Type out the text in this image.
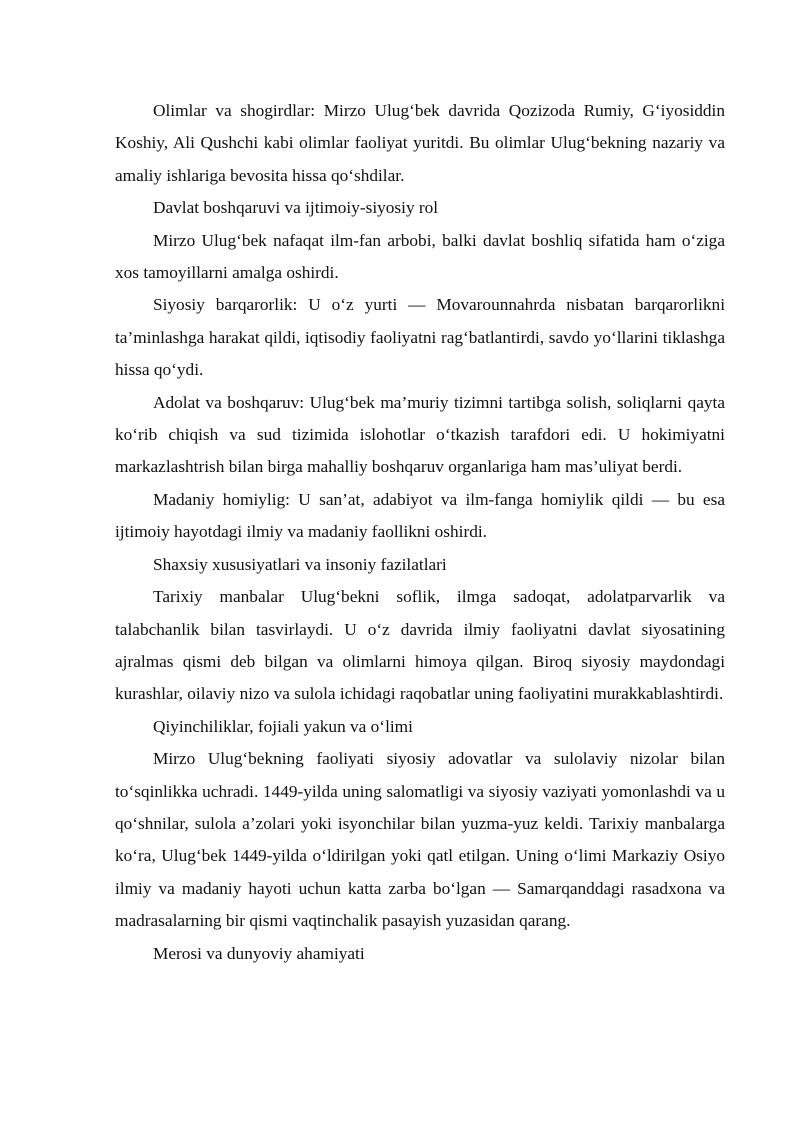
Olimlar va shogirdlar: Mirzo Ulug‘bek davrida Qozizoda Rumiy, G‘iyosiddin Koshiy, Ali Qushchi kabi olimlar faoliyat yuritdi. Bu olimlar Ulug‘bekning nazariy va amaliy ishlariga bevosita hissa qo‘shdilar.

Davlat boshqaruvi va ijtimoiy-siyosiy rol

Mirzo Ulug‘bek nafaqat ilm-fan arbobi, balki davlat boshliq sifatida ham o‘ziga xos tamoyillarni amalga oshirdi.

Siyosiy barqarorlik: U o‘z yurti — Movarounnahrda nisbatan barqarorlikni ta’minlashga harakat qildi, iqtisodiy faoliyatni rag‘batlantirdi, savdo yo‘llarini tiklashga hissa qo‘ydi.

Adolat va boshqaruv: Ulug‘bek ma’muriy tizimni tartibga solish, soliqlarni qayta ko‘rib chiqish va sud tizimida islohotlar o‘tkazish tarafdori edi. U hokimiyatni markazlashtrish bilan birga mahalliy boshqaruv organlariga ham mas’uliyat berdi.

Madaniy homiylig: U san’at, adabiyot va ilm-fanga homiylik qildi — bu esa ijtimoiy hayotdagi ilmiy va madaniy faollikni oshirdi.

Shaxsiy xususiyatlari va insoniy fazilatlari

Tarixiy manbalar Ulug‘bekni soflik, ilmga sadoqat, adolatparvarlik va talabchanlik bilan tasvirlaydi. U o‘z davrida ilmiy faoliyatni davlat siyosatining ajralmas qismi deb bilgan va olimlarni himoya qilgan. Biroq siyosiy maydondagi kurashlar, oilaviy nizo va sulola ichidagi raqobatlar uning faoliyatini murakkablashtirdi.

Qiyinchiliklar, fojiali yakun va o‘limi

Mirzo Ulug‘bekning faoliyati siyosiy adovatlar va sulolaviy nizolar bilan to‘sqinlikka uchradi. 1449-yilda uning salomatligi va siyosiy vaziyati yomonlashdi va u qo‘shnilar, sulola a’zolari yoki isyonchilar bilan yuzma-yuz keldi. Tarixiy manbalarga ko‘ra, Ulug‘bek 1449-yilda o‘ldirilgan yoki qatl etilgan. Uning o‘limi Markaziy Osiyo ilmiy va madaniy hayoti uchun katta zarba bo‘lgan — Samarqanddagi rasadxona va madrasalarning bir qismi vaqtinchalik pasayish yuzasidan qarang.

Merosi va dunyoviy ahamiyati
